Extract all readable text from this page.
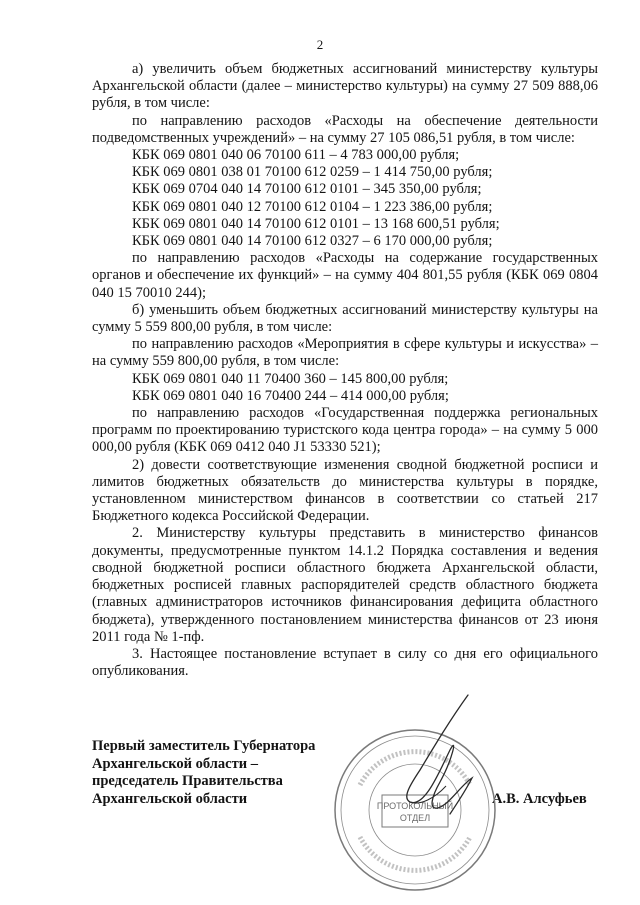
2

а) увеличить объем бюджетных ассигнований министерству культуры Архангельской области (далее – министерство культуры) на сумму 27 509 888,06 рубля, в том числе:

по направлению расходов «Расходы на обеспечение деятельности подведомственных учреждений» – на сумму 27 105 086,51 рубля, в том числе:

КБК 069 0801 040 06 70100 611 – 4 783 000,00 рубля;

КБК 069 0801 038 01 70100 612 0259 – 1 414 750,00 рубля;

КБК 069 0704 040 14 70100 612 0101 – 345 350,00 рубля;

КБК 069 0801 040 12 70100 612 0104 – 1 223 386,00 рубля;

КБК 069 0801 040 14 70100 612 0101 – 13 168 600,51 рубля;

КБК 069 0801 040 14 70100 612 0327 – 6 170 000,00 рубля;

по направлению расходов «Расходы на содержание государственных органов и обеспечение их функций» – на сумму 404 801,55 рубля (КБК 069 0804 040 15 70010 244);

б) уменьшить объем бюджетных ассигнований министерству культуры на сумму 5 559 800,00 рубля, в том числе:

по направлению расходов «Мероприятия в сфере культуры и искусства» – на сумму 559 800,00 рубля, в том числе:

КБК 069 0801 040 11 70400 360 – 145 800,00 рубля;

КБК 069 0801 040 16 70400 244 – 414 000,00 рубля;

по направлению расходов «Государственная поддержка региональных программ по проектированию туристского кода центра города» – на сумму 5 000 000,00 рубля (КБК 069 0412 040 J1 53330 521);

2) довести соответствующие изменения сводной бюджетной росписи и лимитов бюджетных обязательств до министерства культуры в порядке, установленном министерством финансов в соответствии со статьей 217 Бюджетного кодекса Российской Федерации.

2. Министерству культуры представить в министерство финансов документы, предусмотренные пунктом 14.1.2 Порядка составления и ведения сводной бюджетной росписи областного бюджета Архангельской области, бюджетных росписей главных распорядителей средств областного бюджета (главных администраторов источников финансирования дефицита областного бюджета), утвержденного постановлением министерства финансов от 23 июня 2011 года № 1-пф.

3. Настоящее постановление вступает в силу со дня его официального опубликования.

Первый заместитель Губернатора
Архангельской области –
председатель Правительства
Архангельской области	А.В. Алсуфьев
ПРОТОКОЛЬНЫЙ
ОТДЕЛ
